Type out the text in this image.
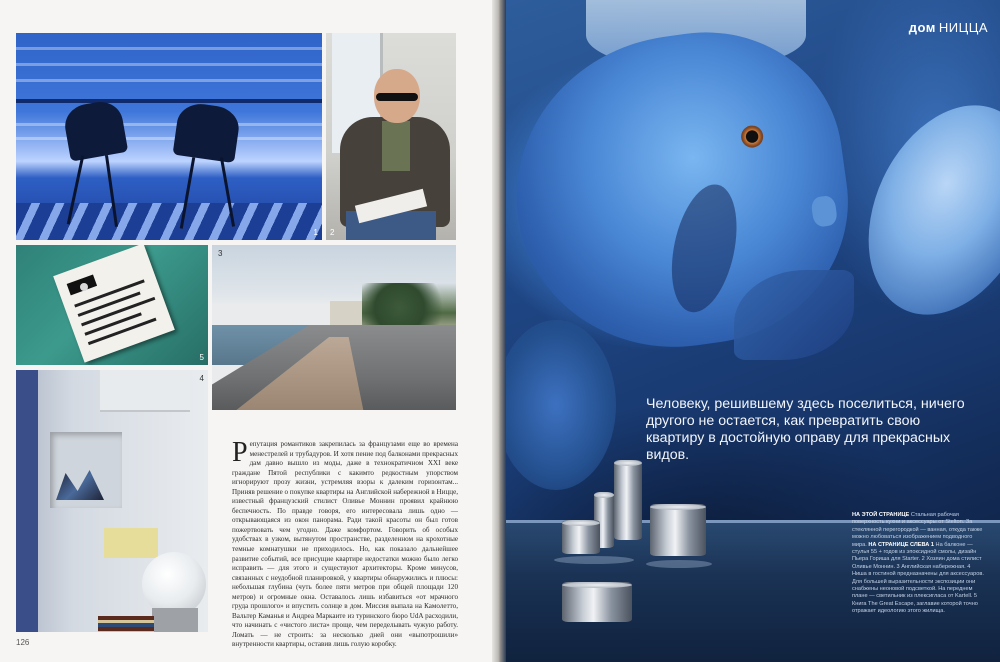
1 2
5
3
4
Репутация романтиков закрепилась за французами еще во времена менестрелей и трубадуров. И хотя пение под балконами прекрасных дам давно вышло из моды, даже в технократичном XXI веке граждане Пятой республики с какимто редкостным упорством игнорируют прозу жизни, устремляя взоры к далеким горизонтам... Приняв решение о покупке квартиры на Английской набережной в Ницце, известный французский стилист Оливье Моннин проявил крайнюю беспечность. По правде говоря, его интересовала лишь одно — открывающаяся из окон панорама. Ради такой красоты он был готов пожертвовать чем угодно. Даже комфортом. Говорить об особых удобствах в узком, вытянутом пространстве, разделенном на крохотные темные комнатушки не приходилось. Но, как показало дальнейшее развитие событий, все присущие квартире недостатки можно было легко исправить — для этого и существуют архитекторы. Кроме минусов, связанных с неудобной планировкой, у квартиры обнаружились и плюсы: небольшая глубина (чуть более пяти метров при общей площади 120 метров) и огромные окна. Оставалось лишь избавиться «от мрачного груда прошлого» и впустить солнце в дом. Миссия выпала на Камолетто, Вальтер Каманья и Андреа Маркаите из туринского бюро UdA расходили, что начинать с «чистого листа» проще, чем переделывать чужую работу. Ломать — не строить: за несколько дней они «выпотрошили» внутренности квартиры, оставив лишь голую коробку.
126
дом НИЦЦА
Человеку, решившему здесь поселиться, ничего другого не остается, как превратить свою квартиру в достойную оправу для прекрасных видов.
НА ЭТОЙ СТРАНИЦЕ Стальная рабочая поверхность кухни и аксессуары от Stelton. За стеклянной перегородкой — ванная, откуда также можно любоваться изображением подводного мира. НА СТРАНИЦЕ СЛЕВА 1 На балконе — стулья 55 + годов из эпоксидной смолы, дизайн Пьера Гориша для Starter. 2 Хозяин дома стилист Оливье Моннин. 3 Английская набережная. 4 Ниша в гостиной предназначены для аксессуаров. Для большей выразительности экспозиции они снабжены неоновой подсветкой. На переднем плане — светильник из плексигласа от Kartell. 5 Книга The Great Escape, заглавие которой точно отражает идеологию этого жилища.
